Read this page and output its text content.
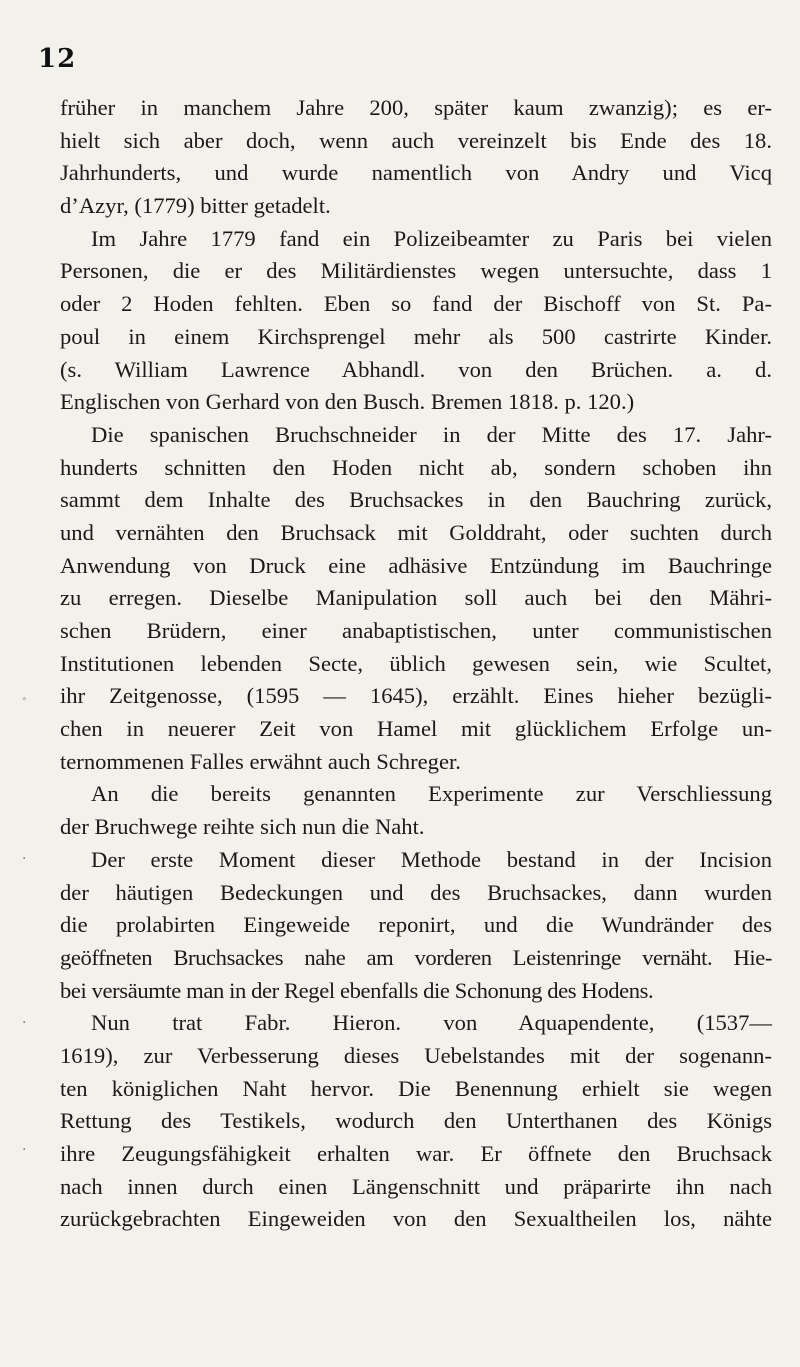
12
ﾞ
·
·
·
früher in manchem Jahre 200, später kaum zwanzig); es er-
hielt sich aber doch, wenn auch vereinzelt bis Ende des 18.
Jahrhunderts, und wurde namentlich von Andry und Vicq
d’Azyr, (1779) bitter getadelt.
Im Jahre 1779 fand ein Polizeibeamter zu Paris bei vielen
Personen, die er des Militärdienstes wegen untersuchte, dass 1
oder 2 Hoden fehlten. Eben so fand der Bischoff von St. Pa-
poul in einem Kirchsprengel mehr als 500 castrirte Kinder.
(s. William Lawrence Abhandl. von den Brüchen. a. d.
Englischen von Gerhard von den Busch. Bremen 1818. p. 120.)
Die spanischen Bruchschneider in der Mitte des 17. Jahr-
hunderts schnitten den Hoden nicht ab, sondern schoben ihn
sammt dem Inhalte des Bruchsackes in den Bauchring zurück,
und vernähten den Bruchsack mit Golddraht, oder suchten durch
Anwendung von Druck eine adhäsive Entzündung im Bauchringe
zu erregen. Dieselbe Manipulation soll auch bei den Mähri-
schen Brüdern, einer anabaptistischen, unter communistischen
Institutionen lebenden Secte, üblich gewesen sein, wie Scultet,
ihr Zeitgenosse, (1595 — 1645), erzählt. Eines hieher bezügli-
chen in neuerer Zeit von Hamel mit glücklichem Erfolge un-
ternommenen Falles erwähnt auch Schreger.
An die bereits genannten Experimente zur Verschliessung
der Bruchwege reihte sich nun die Naht.
Der erste Moment dieser Methode bestand in der Incision
der häutigen Bedeckungen und des Bruchsackes, dann wurden
die prolabirten Eingeweide reponirt, und die Wundränder des
geöffneten Bruchsackes nahe am vorderen Leistenringe vernäht. Hie-
bei versäumte man in der Regel ebenfalls die Schonung des Hodens.
Nun trat Fabr. Hieron. von Aquapendente, (1537—
1619), zur Verbesserung dieses Uebelstandes mit der sogenann-
ten königlichen Naht hervor. Die Benennung erhielt sie wegen
Rettung des Testikels, wodurch den Unterthanen des Königs
ihre Zeugungsfähigkeit erhalten war. Er öffnete den Bruchsack
nach innen durch einen Längenschnitt und präparirte ihn nach
zurückgebrachten Eingeweiden von den Sexualtheilen los, nähte
